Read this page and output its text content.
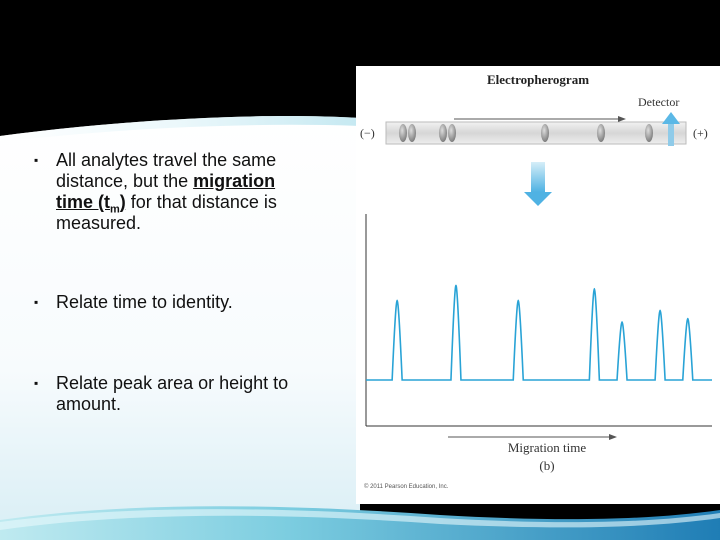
▪ All analytes travel the same distance, but the migration time $(t_m)$ for that distance is measured.
▪ Relate time to identity.
▪ Relate peak area or height to amount.
Electropherogram
Detector
(−)	(+)
Migration time
(b)
© 2011 Pearson Education, Inc.
